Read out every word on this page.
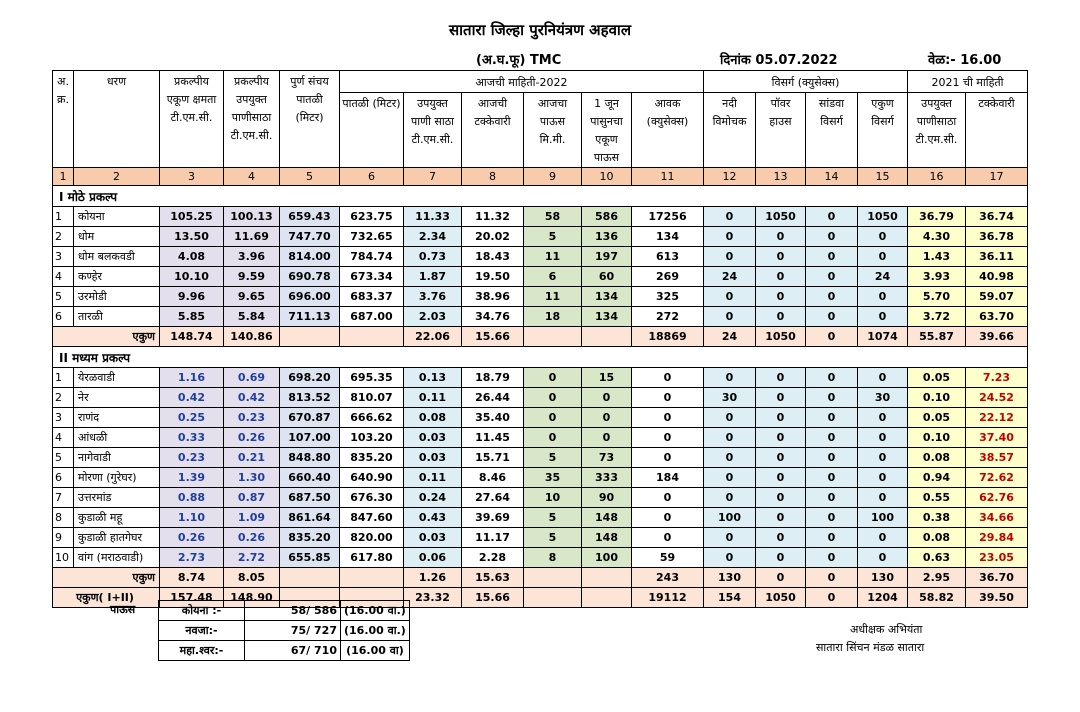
सातारा जिल्हा पुरनियंत्रण अहवाल
(अ.घ.फू) TMC	दिनांक 05.07.2022	वेळ:- 16.00
अ. क्र.	धरण	प्रकल्पीय एकूण क्षमता टी.एम.सी.	प्रकल्पीय उपयुक्त पाणीसाठा टी.एम.सी.	पुर्ण संचय पातळी (मिटर)	आजची माहिती-2022						विसर्ग (क्युसेक्स)				2021 ची माहिती	
					पातळी (मिटर)	उपयुक्त पाणी साठा टी.एम.सी.	आजची टक्केवारी	आजचा पाऊस मि.मी.	1 जून पासुनचा एकूण पाऊस	आवक (क्युसेक्स)	नदी विमोचक	पॉवर हाउस	सांडवा विसर्ग	एकुण विसर्ग	उपयुक्त पाणीसाठा टी.एम.सी.	टक्केवारी
1	2	3	4	5	6	7	8	9	10	11	12	13	14	15	16	17
I मोठे प्रकल्प																
1	कोयना	105.25	100.13	659.43	623.75	11.33	11.32	58	586	17256	0	1050	0	1050	36.79	36.74
2	धोम	13.50	11.69	747.70	732.65	2.34	20.02	5	136	134	0	0	0	0	4.30	36.78
3	धोम बलकवडी	4.08	3.96	814.00	784.74	0.73	18.43	11	197	613	0	0	0	0	1.43	36.11
4	कण्हेर	10.10	9.59	690.78	673.34	1.87	19.50	6	60	269	24	0	0	24	3.93	40.98
5	उरमोडी	9.96	9.65	696.00	683.37	3.76	38.96	11	134	325	0	0	0	0	5.70	59.07
6	तारळी	5.85	5.84	711.13	687.00	2.03	34.76	18	134	272	0	0	0	0	3.72	63.70
एकुण		148.74	140.86			22.06	15.66			18869	24	1050	0	1074	55.87	39.66
II मध्यम प्रकल्प																
1	येरळवाडी	1.16	0.69	698.20	695.35	0.13	18.79	0	15	0	0	0	0	0	0.05	7.23
2	नेर	0.42	0.42	813.52	810.07	0.11	26.44	0	0	0	30	0	0	30	0.10	24.52
3	राणंद	0.25	0.23	670.87	666.62	0.08	35.40	0	0	0	0	0	0	0	0.05	22.12
4	आंधळी	0.33	0.26	107.00	103.20	0.03	11.45	0	0	0	0	0	0	0	0.10	37.40
5	नागेवाडी	0.23	0.21	848.80	835.20	0.03	15.71	5	73	0	0	0	0	0	0.08	38.57
6	मोरणा (गुरेघर)	1.39	1.30	660.40	640.90	0.11	8.46	35	333	184	0	0	0	0	0.94	72.62
7	उत्तरमांड	0.88	0.87	687.50	676.30	0.24	27.64	10	90	0	0	0	0	0	0.55	62.76
8	कुडाळी महू	1.10	1.09	861.64	847.60	0.43	39.69	5	148	0	100	0	0	100	0.38	34.66
9	कुडाळी हातगेघर	0.26	0.26	835.20	820.00	0.03	11.17	5	148	0	0	0	0	0	0.08	29.84
10	वांग (मराठवाडी)	2.73	2.72	655.85	617.80	0.06	2.28	8	100	59	0	0	0	0	0.63	23.05
एकुण		8.74	8.05			1.26	15.63			243	130	0	0	130	2.95	36.70
एकुण( I+II)		157.48	148.90			23.32	15.66			19112	154	1050	0	1204	58.82	39.50
पाऊस	कोयना :-	58/ 586	(16.00 वा.)
नवजा:-	75/ 727	(16.00 वा.)
महा.श्वर:-	67/ 710	(16.00 वा)
अधीक्षक अभियंता
सातारा सिंचन मंडळ सातारा
